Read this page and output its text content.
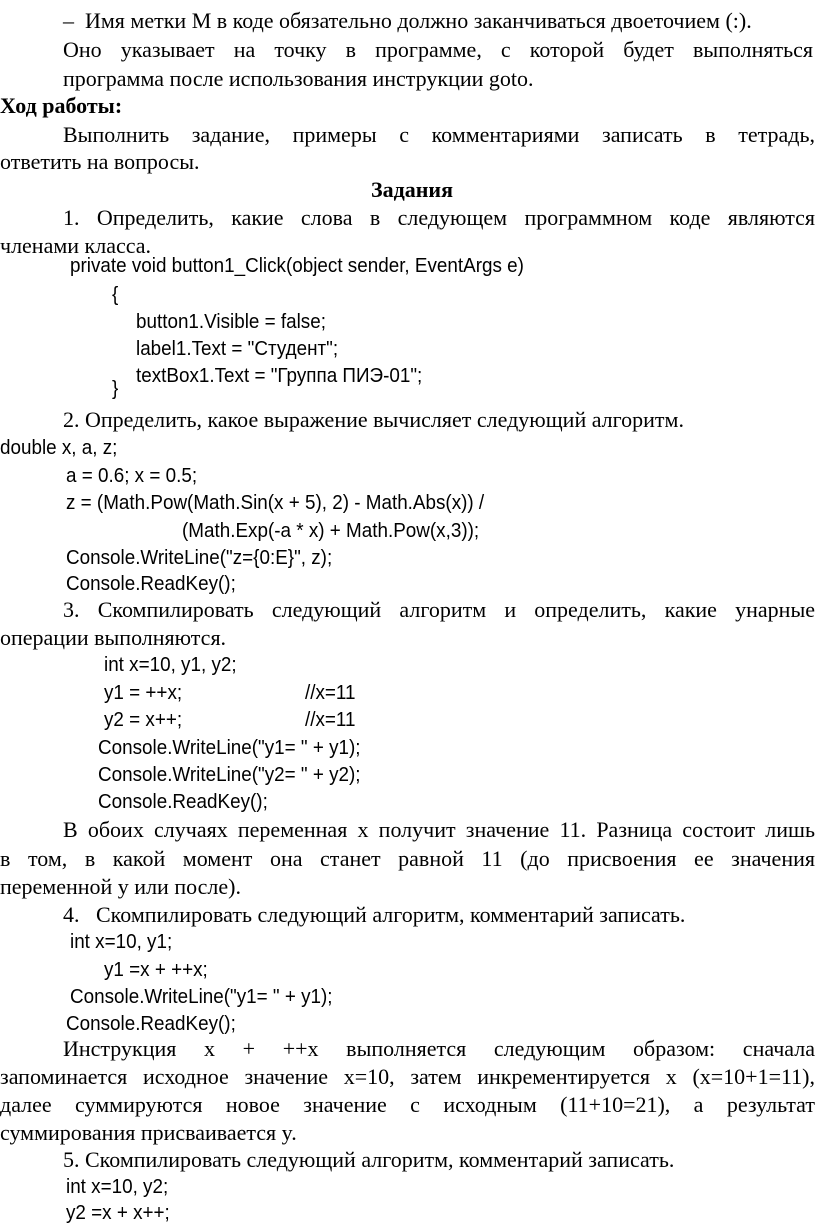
–  Имя метки M в коде обязательно должно заканчиваться двоеточием (:).
Оно указывает на точку в программе, с которой будет выполняться
программа после использования инструкции goto.
Ход работы:
Выполнить задание, примеры с комментариями записать в тетрадь,
ответить на вопросы.
Задания
1. Определить, какие слова в следующем программном коде являются
членами класса.
private void button1_Click(object sender, EventArgs e)
{
button1.Visible = false;
label1.Text = "Студент";
textBox1.Text = "Группа ПИЭ-01";
}
2. Определить, какое выражение вычисляет следующий алгоритм.
double x, a, z;
a = 0.6; x = 0.5;
z = (Math.Pow(Math.Sin(x + 5), 2) - Math.Abs(x)) /
(Math.Exp(-a * x) + Math.Pow(x,3));
Console.WriteLine("z={0:E}", z);
Console.ReadKey();
3. Скомпилировать следующий алгоритм и определить, какие унарные
операции выполняются.
int x=10, y1, y2;
y1 = ++x;	//x=11
y2 = x++;	//x=11
Console.WriteLine("y1= " + y1);
Console.WriteLine("y2= " + y2);
Console.ReadKey();
В обоих случаях переменная x получит значение 11. Разница состоит лишь
в том, в какой момент она станет равной 11 (до присвоения ее значения
переменной y или после).
4.   Скомпилировать следующий алгоритм, комментарий записать.
int x=10, y1;
y1 =x + ++x;
Console.WriteLine("y1= " + y1);
Console.ReadKey();
Инструкция x + ++x выполняется следующим образом: сначала
запоминается исходное значение x=10, затем инкрементируется x (x=10+1=11),
далее суммируются новое значение с исходным (11+10=21), а результат
суммирования присваивается y.
5. Скомпилировать следующий алгоритм, комментарий записать.
int x=10, y2;
y2 =x + x++;
